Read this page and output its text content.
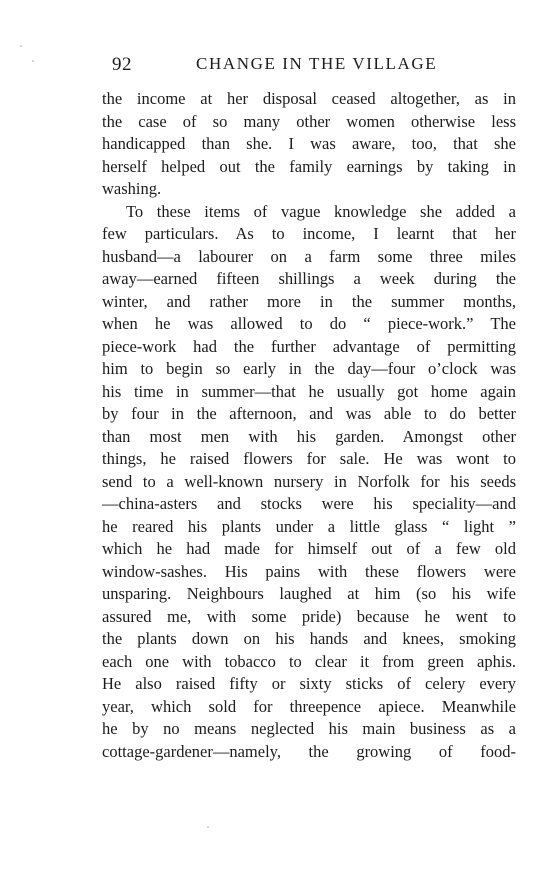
92	CHANGE IN THE VILLAGE
the income at her disposal ceased altogether, as in
the case of so many other women otherwise less
handicapped than she. I was aware, too, that she
herself helped out the family earnings by taking in
washing.
To these items of vague knowledge she added a
few particulars. As to income, I learnt that her
husband—a labourer on a farm some three miles
away—earned fifteen shillings a week during the
winter, and rather more in the summer months,
when he was allowed to do “ piece-work.” The
piece-work had the further advantage of permitting
him to begin so early in the day—four o’clock was
his time in summer—that he usually got home again
by four in the afternoon, and was able to do better
than most men with his garden. Amongst other
things, he raised flowers for sale. He was wont to
send to a well-known nursery in Norfolk for his seeds
—china-asters and stocks were his speciality—and
he reared his plants under a little glass “ light ”
which he had made for himself out of a few old
window-sashes. His pains with these flowers were
unsparing. Neighbours laughed at him (so his wife
assured me, with some pride) because he went to
the plants down on his hands and knees, smoking
each one with tobacco to clear it from green aphis.
He also raised fifty or sixty sticks of celery every
year, which sold for threepence apiece. Meanwhile
he by no means neglected his main business as a
cottage-gardener—namely, the growing of food-
